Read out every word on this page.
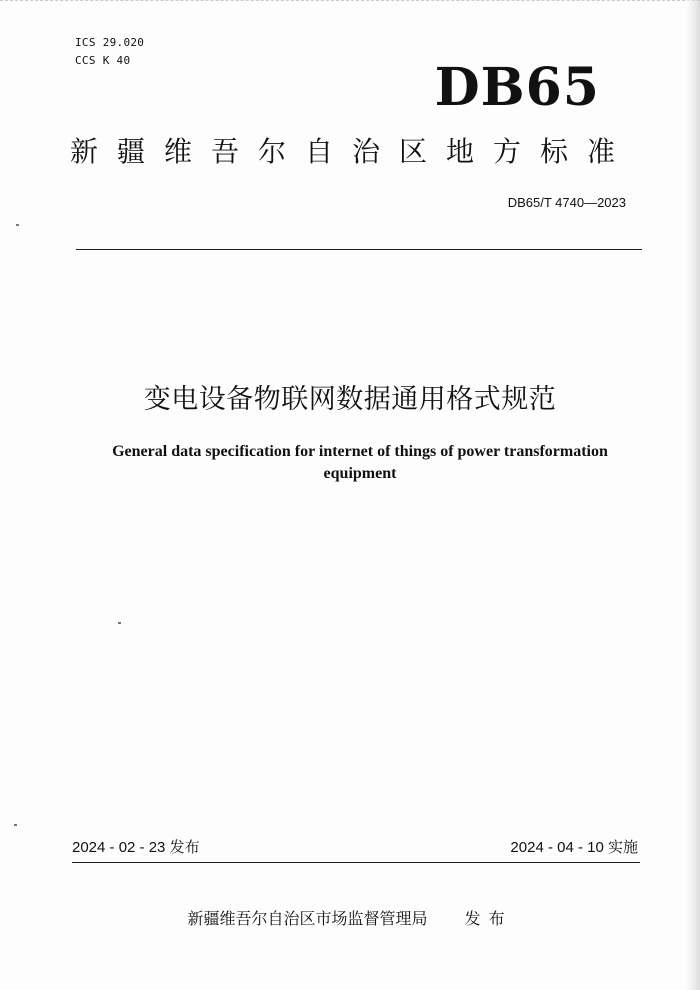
ICS 29.020
CCS K 40	DB65
新疆维吾尔自治区地方标准
DB65/T 4740—2023
变电设备物联网数据通用格式规范
General data specification for internet of things of power transformation equipment
2024 - 02 - 23 发布	2024 - 04 - 10 实施
新疆维吾尔自治区市场监督管理局 发布
